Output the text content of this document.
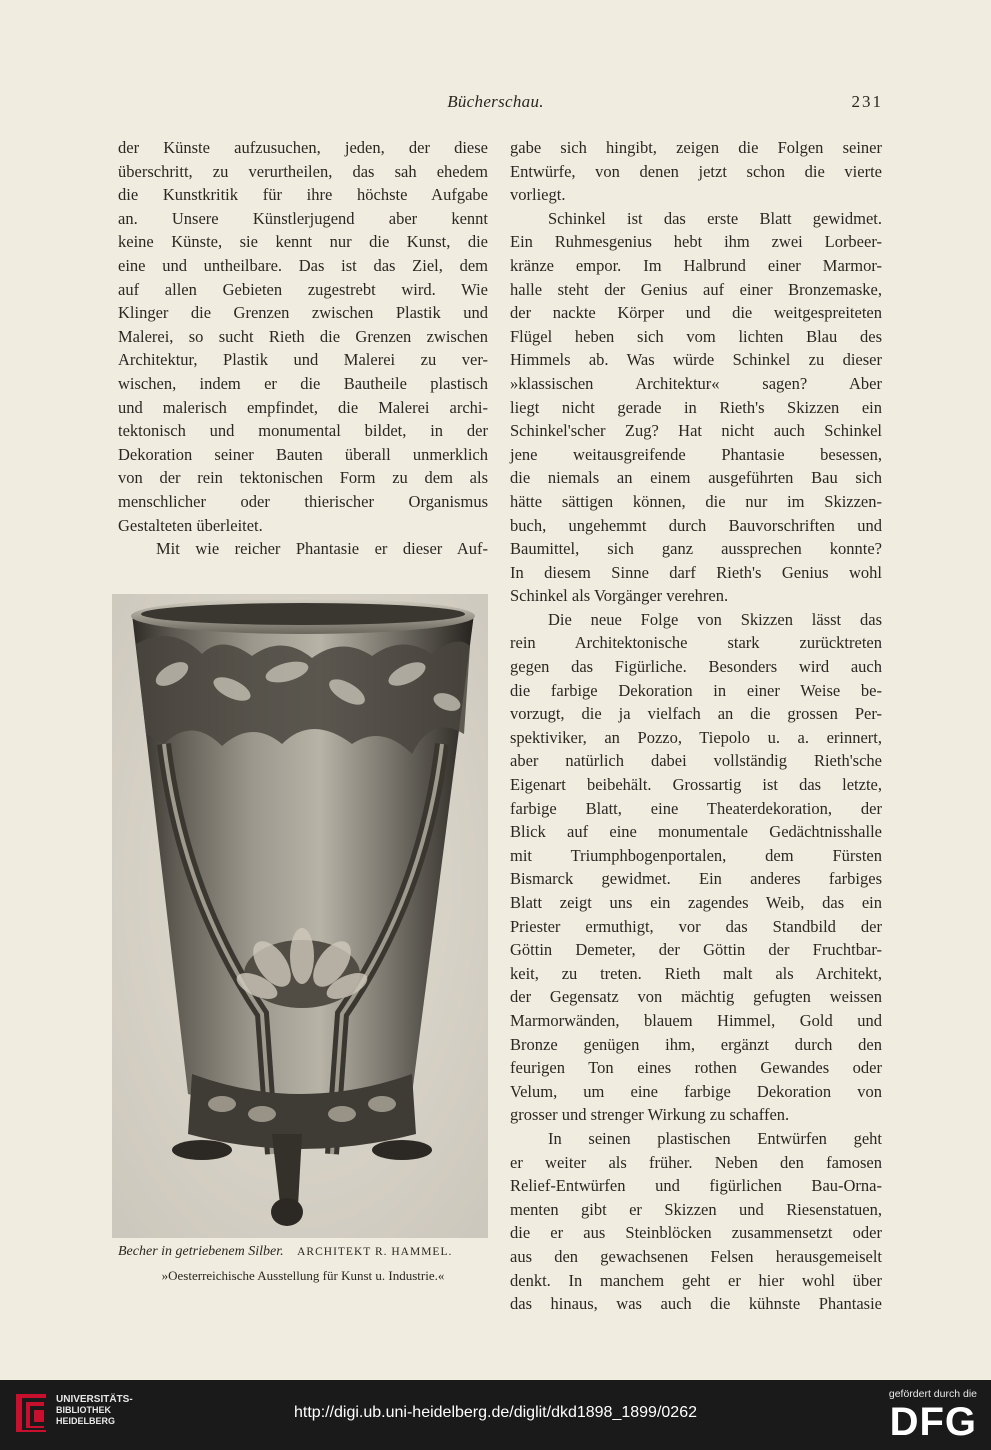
Bücherschau.	231
der Künste aufzusuchen, jeden, der diese
überschritt, zu verurtheilen, das sah ehedem
die Kunstkritik für ihre höchste Aufgabe
an. Unsere Künstlerjugend aber kennt
keine Künste, sie kennt nur die Kunst, die
eine und untheilbare. Das ist das Ziel, dem
auf allen Gebieten zugestrebt wird. Wie
Klinger die Grenzen zwischen Plastik und
Malerei, so sucht Rieth die Grenzen zwischen
Architektur, Plastik und Malerei zu ver-
wischen, indem er die Bautheile plastisch
und malerisch empfindet, die Malerei archi-
tektonisch und monumental bildet, in der
Dekoration seiner Bauten überall unmerklich
von der rein tektonischen Form zu dem als
menschlicher oder thierischer Organismus
Gestalteten überleitet.
Mit wie reicher Phantasie er dieser Auf-
gabe sich hingibt, zeigen die Folgen seiner
Entwürfe, von denen jetzt schon die vierte
vorliegt.
Schinkel ist das erste Blatt gewidmet.
Ein Ruhmesgenius hebt ihm zwei Lorbeer-
kränze empor. Im Halbrund einer Marmor-
halle steht der Genius auf einer Bronzemaske,
der nackte Körper und die weitgespreiteten
Flügel heben sich vom lichten Blau des
Himmels ab. Was würde Schinkel zu dieser
»klassischen Architektur« sagen? Aber
liegt nicht gerade in Rieth's Skizzen ein
Schinkel'scher Zug? Hat nicht auch Schinkel
jene weitausgreifende Phantasie besessen,
die niemals an einem ausgeführten Bau sich
hätte sättigen können, die nur im Skizzen-
buch, ungehemmt durch Bauvorschriften und
Baumittel, sich ganz aussprechen konnte?
In diesem Sinne darf Rieth's Genius wohl
Schinkel als Vorgänger verehren.
Die neue Folge von Skizzen lässt das
rein Architektonische stark zurücktreten
gegen das Figürliche. Besonders wird auch
die farbige Dekoration in einer Weise be-
vorzugt, die ja vielfach an die grossen Per-
spektiviker, an Pozzo, Tiepolo u. a. erinnert,
aber natürlich dabei vollständig Rieth'sche
Eigenart beibehält. Grossartig ist das letzte,
farbige Blatt, eine Theaterdekoration, der
Blick auf eine monumentale Gedächtnisshalle
mit Triumphbogenportalen, dem Fürsten
Bismarck gewidmet. Ein anderes farbiges
Blatt zeigt uns ein zagendes Weib, das ein
Priester ermuthigt, vor das Standbild der
Göttin Demeter, der Göttin der Fruchtbar-
keit, zu treten. Rieth malt als Architekt,
der Gegensatz von mächtig gefugten weissen
Marmorwänden, blauem Himmel, Gold und
Bronze genügen ihm, ergänzt durch den
feurigen Ton eines rothen Gewandes oder
Velum, um eine farbige Dekoration von
grosser und strenger Wirkung zu schaffen.
In seinen plastischen Entwürfen geht
er weiter als früher. Neben den famosen
Relief-Entwürfen und figürlichen Bau-Orna-
menten gibt er Skizzen und Riesenstatuen,
die er aus Steinblöcken zusammensetzt oder
aus den gewachsenen Felsen herausgemeiselt
denkt. In manchem geht er hier wohl über
das hinaus, was auch die kühnste Phantasie
Becher in getriebenem Silber. ARCHITEKT R. HAMMEL.
»Oesterreichische Ausstellung für Kunst u. Industrie.«
UNIVERSITÄTS-
BIBLIOTHEK
HEIDELBERG	http://digi.ub.uni-heidelberg.de/diglit/dkd1898_1899/0262
gefördert durch die
DFG
